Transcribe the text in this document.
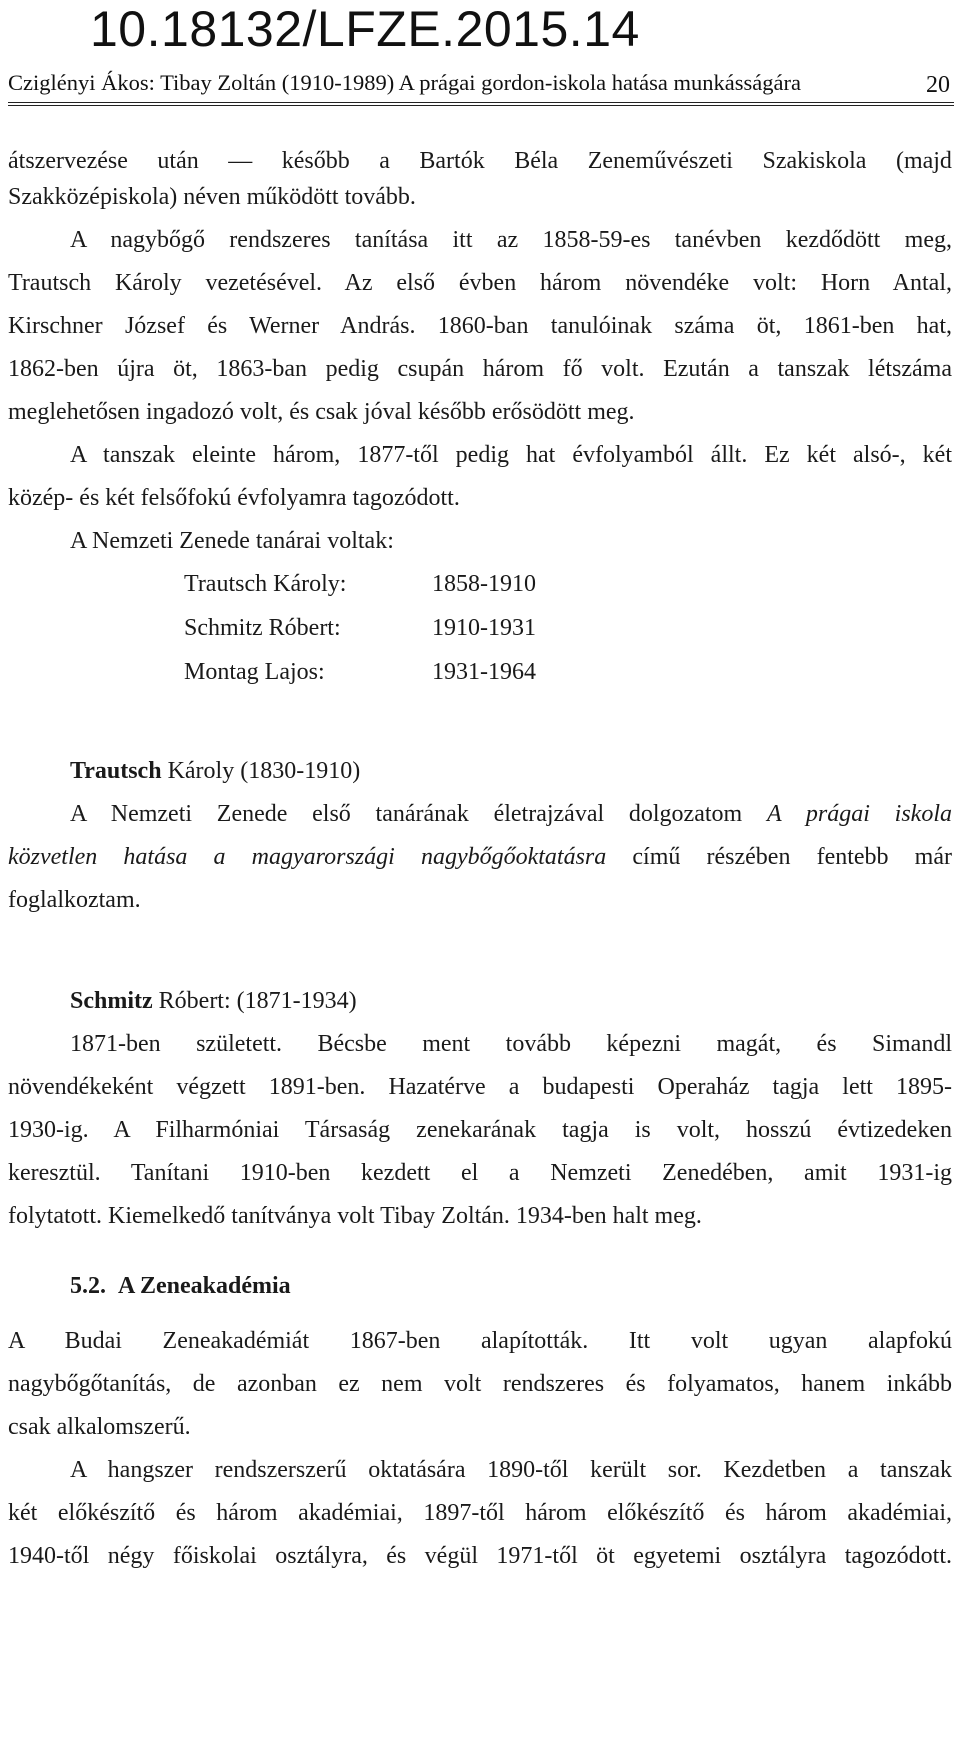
10.18132/LFZE.2015.14
Cziglényi Ákos: Tibay Zoltán (1910-1989) A prágai gordon-iskola hatása munkásságára	20
átszervezése után — később a Bartók Béla Zeneművészeti Szakiskola (majd
Szakközépiskola) néven működött tovább.
A nagybőgő rendszeres tanítása itt az 1858-59-es tanévben kezdődött meg,
Trautsch Károly vezetésével. Az első évben három növendéke volt: Horn Antal,
Kirschner József és Werner András. 1860-ban tanulóinak száma öt, 1861-ben hat,
1862-ben újra öt, 1863-ban pedig csupán három fő volt. Ezután a tanszak létszáma
meglehetősen ingadozó volt, és csak jóval később erősödött meg.
A tanszak eleinte három, 1877-től pedig hat évfolyamból állt. Ez két alsó-, két
közép- és két felsőfokú évfolyamra tagozódott.
A Nemzeti Zenede tanárai voltak:
Trautsch Károly (1830-1910)
A Nemzeti Zenede első tanárának életrajzával dolgozatom A prágai iskola
közvetlen hatása a magyarországi nagybőgőoktatásra című részében fentebb már
foglalkoztam.
Schmitz Róbert: (1871-1934)
1871-ben született. Bécsbe ment tovább képezni magát, és Simandl
növendékeként végzett 1891-ben. Hazatérve a budapesti Operaház tagja lett 1895-
1930-ig. A Filharmóniai Társaság zenekarának tagja is volt, hosszú évtizedeken
keresztül. Tanítani 1910-ben kezdett el a Nemzeti Zenedében, amit 1931-ig
folytatott. Kiemelkedő tanítványa volt Tibay Zoltán. 1934-ben halt meg.
5.2. A Zeneakadémia
A Budai Zeneakadémiát 1867-ben alapították. Itt volt ugyan alapfokú
nagybőgőtanítás, de azonban ez nem volt rendszeres és folyamatos, hanem inkább
csak alkalomszerű.
A hangszer rendszerszerű oktatására 1890-től került sor. Kezdetben a tanszak
két előkészítő és három akadémiai, 1897-től három előkészítő és három akadémiai,
1940-től négy főiskolai osztályra, és végül 1971-től öt egyetemi osztályra tagozódott.
Trautsch Károly:	1858-1910
Schmitz Róbert:	1910-1931
Montag Lajos:	1931-1964
